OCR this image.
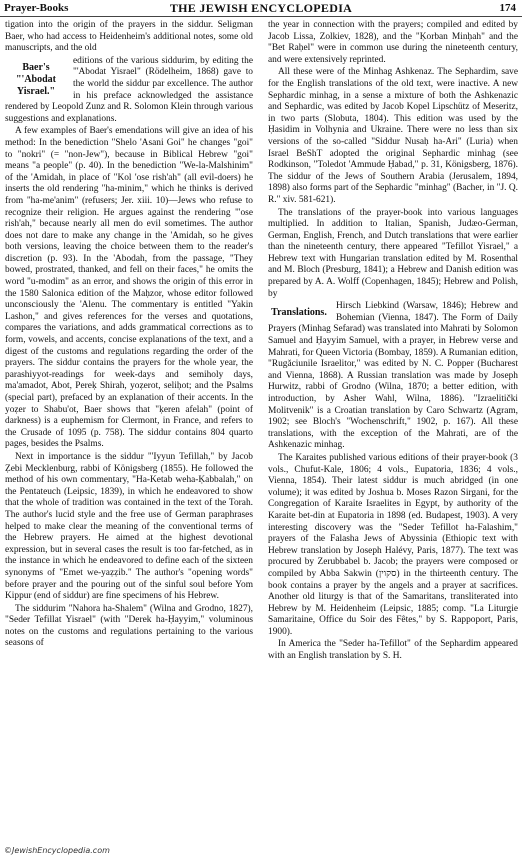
Prayer-Books	THE JEWISH ENCYCLOPEDIA	174

tigation into the origin of the prayers in the siddur. Seligman Baer, who had access to Heidenheim's additional notes, some old manuscripts, and the old

Baer's "'Abodat Yisrael."

editions of the various siddurim, by editing the "'Abodat Yisrael" (Rödelheim, 1868) gave to the world the siddur par excellence. The author in his preface acknowledged the assistance rendered by Leopold Zunz and R. Solomon Klein through various suggestions and explanations.

A few examples of Baer's emendations will give an idea of his method: In the benediction "Shelo 'Asani Goi" he changes "goi" to "nokri" (= "non-Jew"), because in Biblical Hebrew "goi" means "a people" (p. 40). In the benediction "We-la-Malshinim" of the 'Amidah, in place of "Kol 'ose rish'ah" (all evil-doers) he inserts the old rendering "ha-minim," which he thinks is derived from "ha-me'anim" (refusers; Jer. xiii. 10)—Jews who refuse to recognize their religion. He argues against the rendering "'ose rish'ah," because nearly all men do evil sometimes. The author does not dare to make any change in the 'Amidah, so he gives both versions, leaving the choice between them to the reader's discretion (p. 93). In the 'Abodah, from the passage, "They bowed, prostrated, thanked, and fell on their faces," he omits the word "u-modim" as an error, and shows the origin of this error in the 1580 Salonica edition of the Maḥzor, whose editor followed unconsciously the 'Alenu. The commentary is entitled "Yakin Lashon," and gives references for the verses and quotations, compares the variations, and adds grammatical corrections as to form, vowels, and accents, concise explanations of the text, and a digest of the customs and regulations regarding the order of the prayers. The siddur contains the prayers for the whole year, the parashiyyot-readings for week-days and semiholy days, ma'amadot, Abot, Pereḳ Shirah, yoẓerot, seliḥot; and the Psalms (special part), prefaced by an explanation of their accents. In the yoẓer to Shabu'ot, Baer shows that "ḳeren afelah" (point of darkness) is a euphemism for Clermont, in France, and refers to the Crusade of 1095 (p. 758). The siddur contains 804 quarto pages, besides the Psalms.

Next in importance is the siddur "'Iyyun Tefillah," by Jacob Ẓebi Mecklenburg, rabbi of Königsberg (1855). He followed the method of his own commentary, "Ha-Ketab weha-Ḳabbalah," on the Pentateuch (Leipsic, 1839), in which he endeavored to show that the whole of tradition was contained in the text of the Torah. The author's lucid style and the free use of German paraphrases helped to make clear the meaning of the conventional terms of the Hebrew prayers. He aimed at the highest devotional expression, but in several cases the result is too far-fetched, as in the instance in which he endeavored to define each of the sixteen synonyms of "Emet we-yaẓẓib." The author's "opening words" before prayer and the pouring out of the sinful soul before Yom Kippur (end of siddur) are fine specimens of his Hebrew.

The siddurim "Nahora ha-Shalem" (Wilna and Grodno, 1827), "Seder Tefillat Yisrael" (with "Derek ha-Ḥayyim," voluminous notes on the customs and regulations pertaining to the various seasons of

the year in connection with the prayers; compiled and edited by Jacob Lissa, Zolkiev, 1828), and the "Ḳorban Minḥah" and the "Bet Raḥel" were in common use during the nineteenth century, and were extensively reprinted.

All these were of the Minhag Ashkenaz. The Sephardim, save for the English translations of the old text, were inactive. A new Sephardic minhag, in a sense a mixture of both the Ashkenazic and Sephardic, was edited by Jacob Kopel Lipschütz of Meseritz, in two parts (Slobuta, 1804). This edition was used by the Ḥasidim in Volhynia and Ukraine. There were no less than six versions of the so-called "Siddur Nusaḥ ha-Ari" (Luria) when Israel BeShT adopted the original Sephardic minhag (see Rodkinson, "Toledot 'Ammude Ḥabad," p. 31, Königsberg, 1876). The siddur of the Jews of Southern Arabia (Jerusalem, 1894, 1898) also forms part of the Sephardic "minhag" (Bacher, in "J. Q. R." xiv. 581-621).

The translations of the prayer-book into various languages multiplied. In addition to Italian, Spanish, Judæo-German, German, English, French, and Dutch translations that were earlier than the nineteenth century, there appeared "Tefillot Yisrael," a Hebrew text with Hungarian translation edited by M. Rosenthal and M. Bloch (Presburg, 1841); a Hebrew and Danish edition was prepared by A. A. Wolff (Copenhagen, 1845); Hebrew and Polish, by

Translations.

Hirsch Liebkind (Warsaw, 1846); Hebrew and Bohemian (Vienna, 1847). The Form of Daily Prayers (Minhag Sefarad) was translated into Mahrati by Solomon Samuel and Ḥayyim Samuel, with a prayer, in Hebrew verse and Mahrati, for Queen Victoria (Bombay, 1859). A Rumanian edition, "Rugăciunile Israelitor," was edited by N. C. Popper (Bucharest and Vienna, 1868). A Russian translation was made by Joseph Hurwitz, rabbi of Grodno (Wilna, 1870; a better edition, with introduction, by Asher Wahl, Wilna, 1886). "Izraelitički Molitvenik" is a Croatian translation by Caro Schwartz (Agram, 1902; see Bloch's "Wochenschrift," 1902, p. 167). All these translations, with the exception of the Mahrati, are of the Ashkenazic minhag.

The Karaites published various editions of their prayer-book (3 vols., Chufut-Kale, 1806; 4 vols., Eupatoria, 1836; 4 vols., Vienna, 1854). Their latest siddur is much abridged (in one volume); it was edited by Joshua b. Moses Razon Sirgani, for the Congregation of Karaite Israelites in Egypt, by authority of the Karaite bet-din at Eupatoria in 1898 (ed. Budapest, 1903). A very interesting discovery was the "Seder Tefillot ha-Falashim," prayers of the Falasha Jews of Abyssinia (Ethiopic text with Hebrew translation by Joseph Halévy, Paris, 1877). The text was procured by Zerubbabel b. Jacob; the prayers were composed or compiled by Abba Sakwin (סקוין) in the thirteenth century. The book contains a prayer by the angels and a prayer at sacrifices. Another old liturgy is that of the Samaritans, transliterated into Hebrew by M. Heidenheim (Leipsic, 1885; comp. "La Liturgie Samaritaine, Office du Soir des Fêtes," by S. Rappoport, Paris, 1900).

In America the "Seder ha-Tefillot" of the Sephardim appeared with an English translation by S. H.

©JewishEncyclopedia.com
